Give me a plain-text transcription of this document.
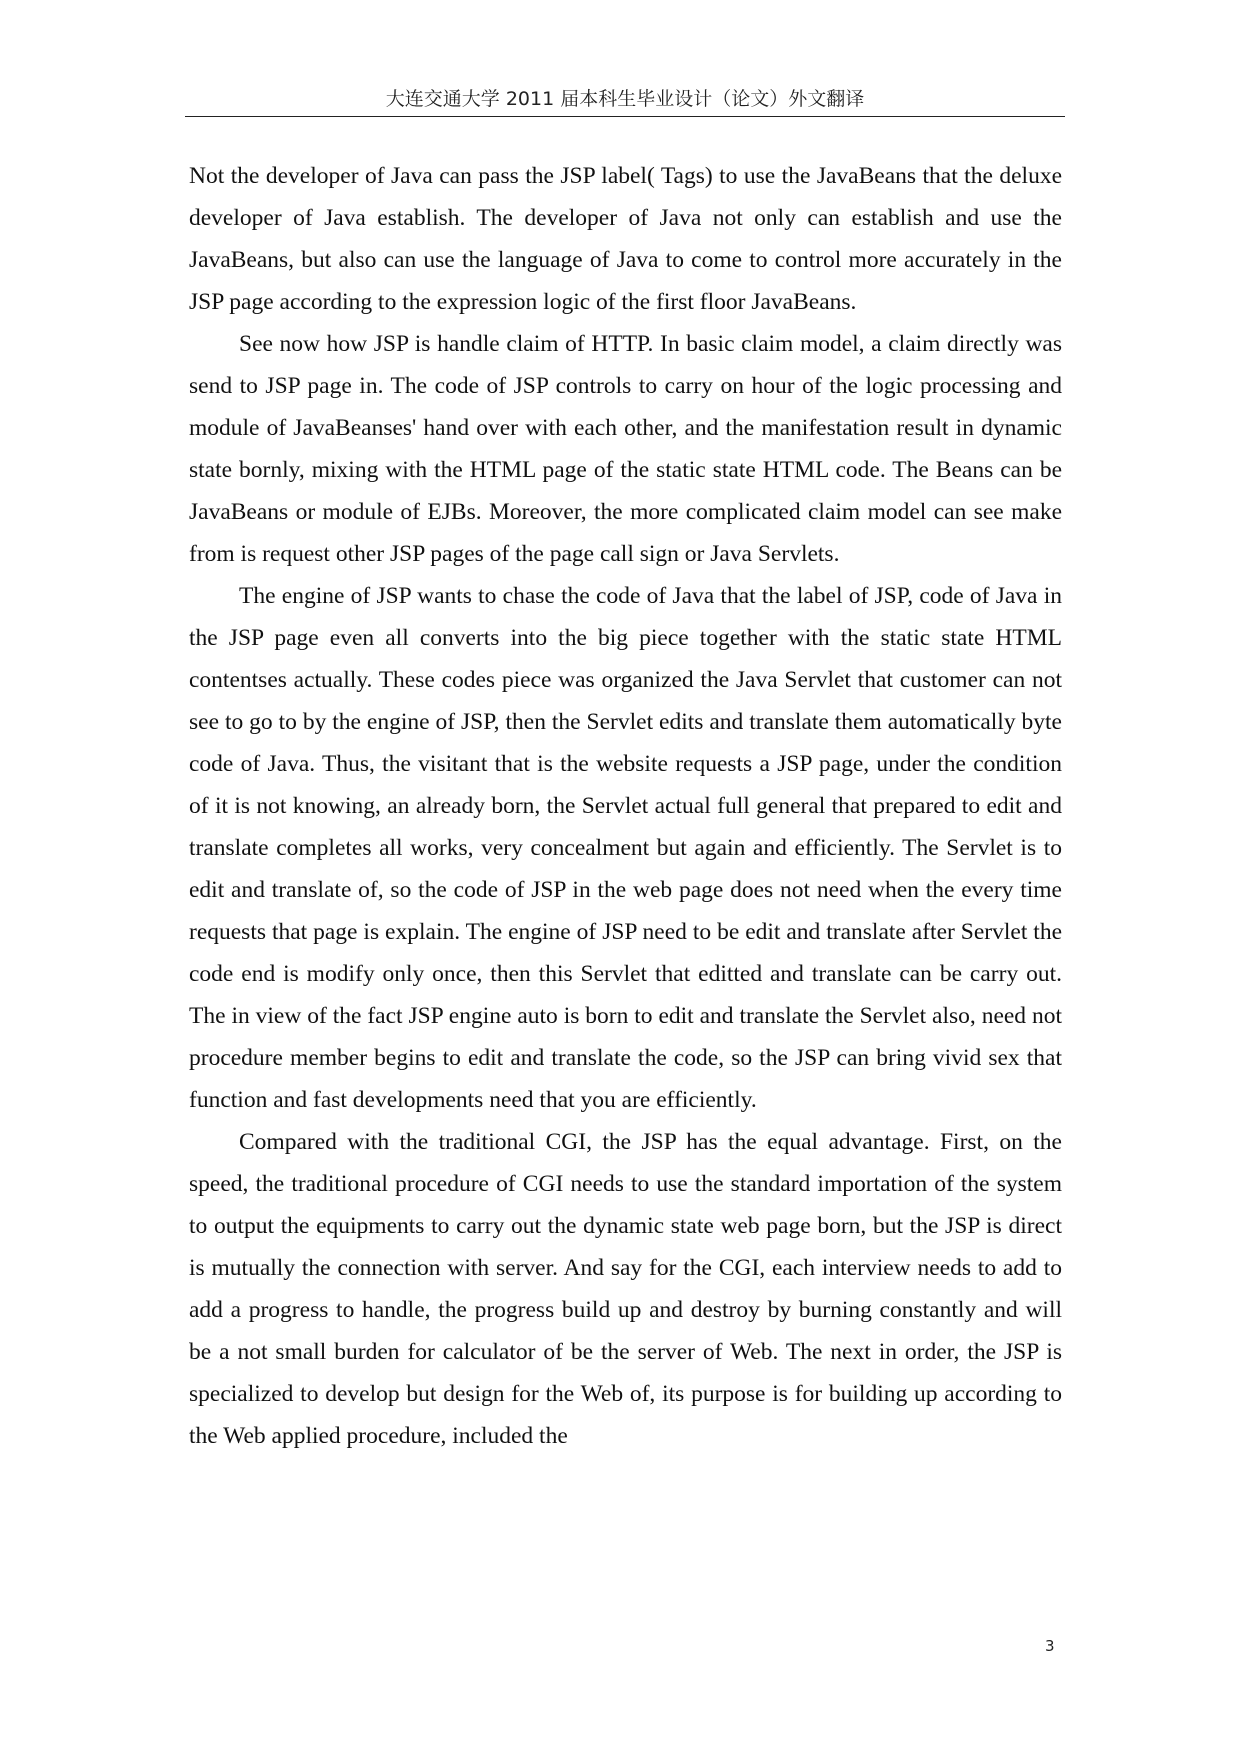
大连交通大学 2011 届本科生毕业设计（论文）外文翻译

Not the developer of Java can pass the JSP label( Tags) to use the JavaBeans that the deluxe developer of Java establish. The developer of Java not only can establish and use the JavaBeans, but also can use the language of Java to come to control more accurately in the JSP page according to the expression logic of the first floor JavaBeans.

See now how JSP is handle claim of HTTP. In basic claim model, a claim directly was send to JSP page in. The code of JSP controls to carry on hour of the logic processing and module of JavaBeanses' hand over with each other, and the manifestation result in dynamic state bornly, mixing with the HTML page of the static state HTML code. The Beans can be JavaBeans or module of EJBs. Moreover, the more complicated claim model can see make from is request other JSP pages of the page call sign or Java Servlets.

The engine of JSP wants to chase the code of Java that the label of JSP, code of Java in the JSP page even all converts into the big piece together with the static state HTML contentses actually. These codes piece was organized the Java Servlet that customer can not see to go to by the engine of JSP, then the Servlet edits and translate them automatically byte code of Java. Thus, the visitant that is the website requests a JSP page, under the condition of it is not knowing, an already born, the Servlet actual full general that prepared to edit and translate completes all works, very concealment but again and efficiently. The Servlet is to edit and translate of, so the code of JSP in the web page does not need when the every time requests that page is explain. The engine of JSP need to be edit and translate after Servlet the code end is modify only once, then this Servlet that editted and translate can be carry out. The in view of the fact JSP engine auto is born to edit and translate the Servlet also, need not procedure member begins to edit and translate the code, so the JSP can bring vivid sex that function and fast developments need that you are efficiently.

Compared with the traditional CGI, the JSP has the equal advantage. First, on the speed, the traditional procedure of CGI needs to use the standard importation of the system to output the equipments to carry out the dynamic state web page born, but the JSP is direct is mutually the connection with server. And say for the CGI, each interview needs to add to add a progress to handle, the progress build up and destroy by burning constantly and will be a not small burden for calculator of be the server of Web. The next in order, the JSP is specialized to develop but design for the Web of, its purpose is for building up according to the Web applied procedure, included the

3
